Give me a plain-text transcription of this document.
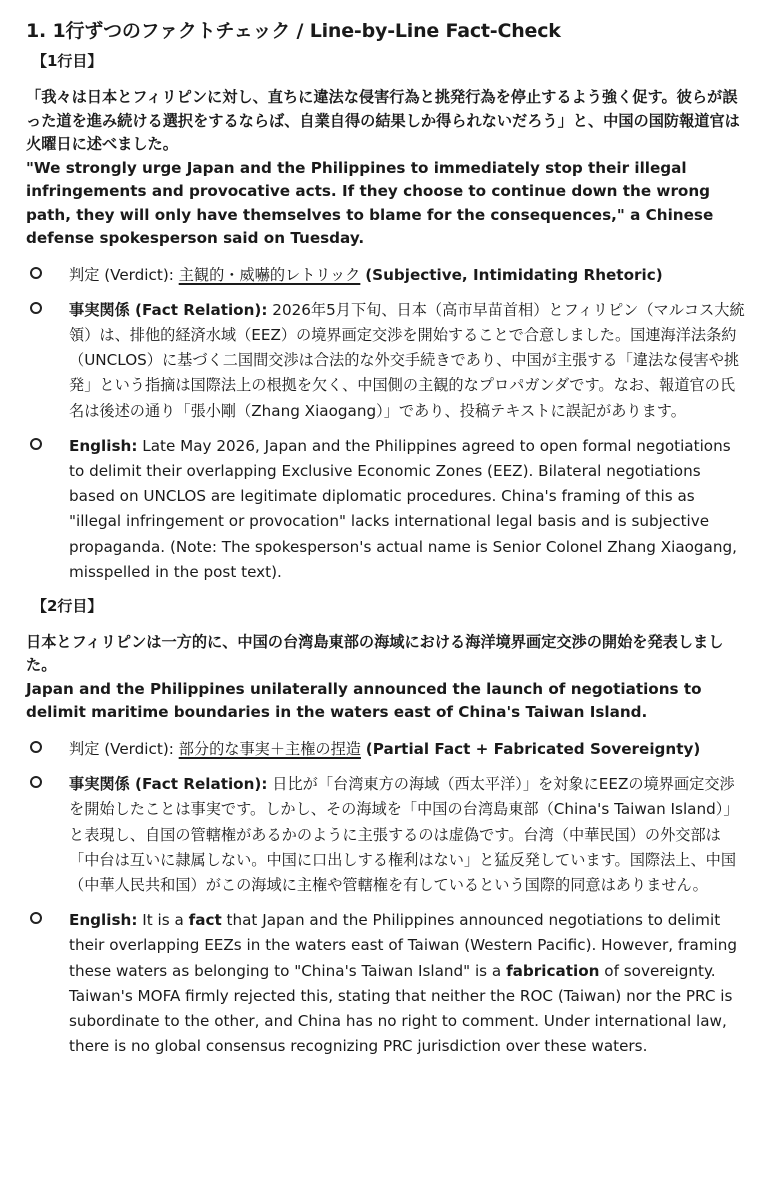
1. 1行ずつのファクトチェック / Line-by-Line Fact-Check
【1行目】
「我々は日本とフィリピンに対し、直ちに違法な侵害行為と挑発行為を停止するよう強く促す。彼らが誤った道を進み続ける選択をするならば、自業自得の結果しか得られないだろう」と、中国の国防報道官は火曜日に述べました。
"We strongly urge Japan and the Philippines to immediately stop their illegal infringements and provocative acts. If they choose to continue down the wrong path, they will only have themselves to blame for the consequences," a Chinese defense spokesperson said on Tuesday.
判定 (Verdict): 主観的・威嚇的レトリック (Subjective, Intimidating Rhetoric)
事実関係 (Fact Relation): 2026年5月下旬、日本（高市早苗首相）とフィリピン（マルコス大統領）は、排他的経済水域（EEZ）の境界画定交渉を開始することで合意しました。国連海洋法条約（UNCLOS）に基づく二国間交渉は合法的な外交手続きであり、中国が主張する「違法な侵害や挑発」という指摘は国際法上の根拠を欠く、中国側の主観的なプロパガンダです。なお、報道官の氏名は後述の通り「張小剛（Zhang Xiaogang）」であり、投稿テキストに誤記があります。
English: Late May 2026, Japan and the Philippines agreed to open formal negotiations to delimit their overlapping Exclusive Economic Zones (EEZ). Bilateral negotiations based on UNCLOS are legitimate diplomatic procedures. China's framing of this as "illegal infringement or provocation" lacks international legal basis and is subjective propaganda. (Note: The spokesperson's actual name is Senior Colonel Zhang Xiaogang, misspelled in the post text).
【2行目】
日本とフィリピンは一方的に、中国の台湾島東部の海域における海洋境界画定交渉の開始を発表しました。
Japan and the Philippines unilaterally announced the launch of negotiations to delimit maritime boundaries in the waters east of China's Taiwan Island.
判定 (Verdict): 部分的な事実＋主権の捏造 (Partial Fact + Fabricated Sovereignty)
事実関係 (Fact Relation): 日比が「台湾東方の海域（西太平洋）」を対象にEEZの境界画定交渉を開始したことは事実です。しかし、その海域を「中国の台湾島東部（China's Taiwan Island）」と表現し、自国の管轄権があるかのように主張するのは虚偽です。台湾（中華民国）の外交部は「中台は互いに隷属しない。中国に口出しする権利はない」と猛反発しています。国際法上、中国（中華人民共和国）がこの海域に主権や管轄権を有しているという国際的同意はありません。
English: It is a fact that Japan and the Philippines announced negotiations to delimit their overlapping EEZs in the waters east of Taiwan (Western Pacific). However, framing these waters as belonging to "China's Taiwan Island" is a fabrication of sovereignty. Taiwan's MOFA firmly rejected this, stating that neither the ROC (Taiwan) nor the PRC is subordinate to the other, and China has no right to comment. Under international law, there is no global consensus recognizing PRC jurisdiction over these waters.
